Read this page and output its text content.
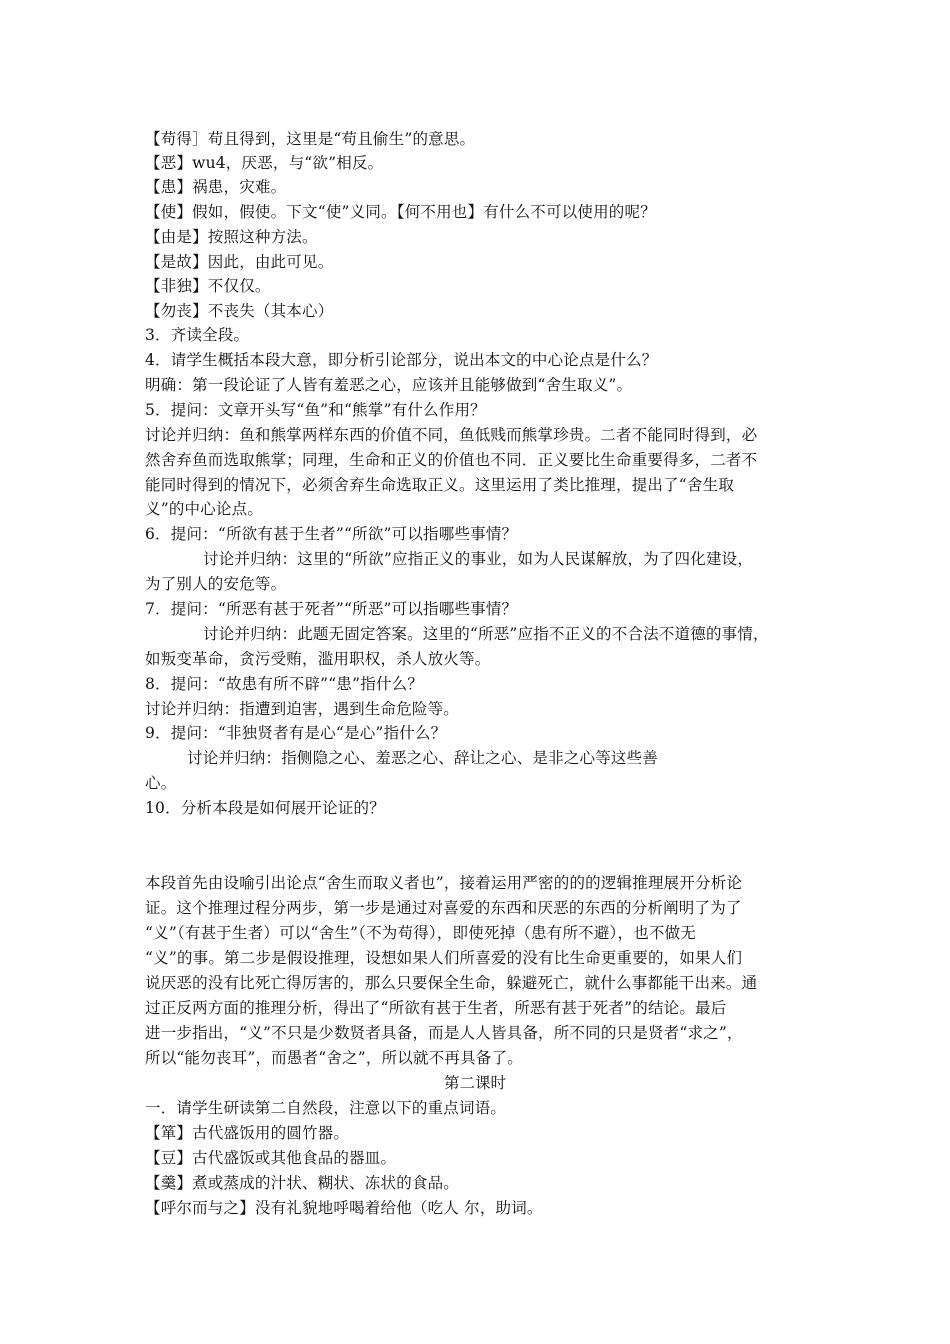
【苟得］苟且得到，这里是“苟且偷生”的意思。
【恶】wu4，厌恶，与“欲”相反。
【患】祸患，灾难。
【使】假如，假使。下文“使”义同。【何不用也】有什么不可以使用的呢？
【由是】按照这种方法。
【是故】因此，由此可见。
【非独】不仅仅。
【勿丧】不丧失（其本心）
3．齐读全段。
4．请学生概括本段大意，即分析引论部分，说出本文的中心论点是什么？
明确：第一段论证了人皆有羞恶之心，应该并且能够做到“舍生取义”。
5．提问：文章开头写“鱼”和“熊掌”有什么作用？
讨论并归纳：鱼和熊掌两样东西的价值不同，鱼低贱而熊掌珍贵。二者不能同时得到，必
然舍弃鱼而选取熊掌；同理，生命和正义的价值也不同．正义要比生命重要得多，二者不
能同时得到的情况下，必须舍弃生命选取正义。这里运用了类比推理，提出了“舍生取
义”的中心论点。
6．提问：“所欲有甚于生者”“所欲”可以指哪些事情？
讨论并归纳：这里的“所欲”应指正义的事业，如为人民谋解放，为了四化建设，
为了别人的安危等。
7．提问：“所恶有甚于死者”“所恶”可以指哪些事情？
讨论并归纳：此题无固定答案。这里的“所恶”应指不正义的不合法不道德的事情，
如叛变革命，贪污受贿，滥用职权，杀人放火等。
8．提问：“故患有所不辟”“患”指什么？
讨论并归纳：指遭到迫害，遇到生命危险等。
9．提问：“非独贤者有是心“是心”指什么？
讨论并归纳：指侧隐之心、羞恶之心、辞让之心、是非之心等这些善
心。
10．分析本段是如何展开论证的？
本段首先由设喻引出论点“舍生而取义者也”，接着运用严密的的的逻辑推理展开分析论
证。这个推理过程分两步，第一步是通过对喜爱的东西和厌恶的东西的分析阐明了为了
“义”（有甚于生者）可以“舍生”（不为苟得），即使死掉（患有所不避），也不做无
“义”的事。第二步是假设推理，设想如果人们所喜爱的没有比生命更重要的，如果人们
说厌恶的没有比死亡得厉害的，那么只要保全生命，躲避死亡，就什么事都能干出来。通
过正反两方面的推理分析，得出了“所欲有甚于生者，所恶有甚于死者”的结论。最后
进一步指出，“义”不只是少数贤者具备，而是人人皆具备，所不同的只是贤者“求之”，
所以“能勿丧耳”，而愚者“舍之”，所以就不再具备了。
第二课时
一．请学生研读第二自然段，注意以下的重点词语。
【箪】古代盛饭用的圆竹器。
【豆】古代盛饭或其他食品的器皿。
【羹】煮或蒸成的汁状、糊状、冻状的食品。
【呼尔而与之】没有礼貌地呼喝着给他（吃人 尔，助词。
